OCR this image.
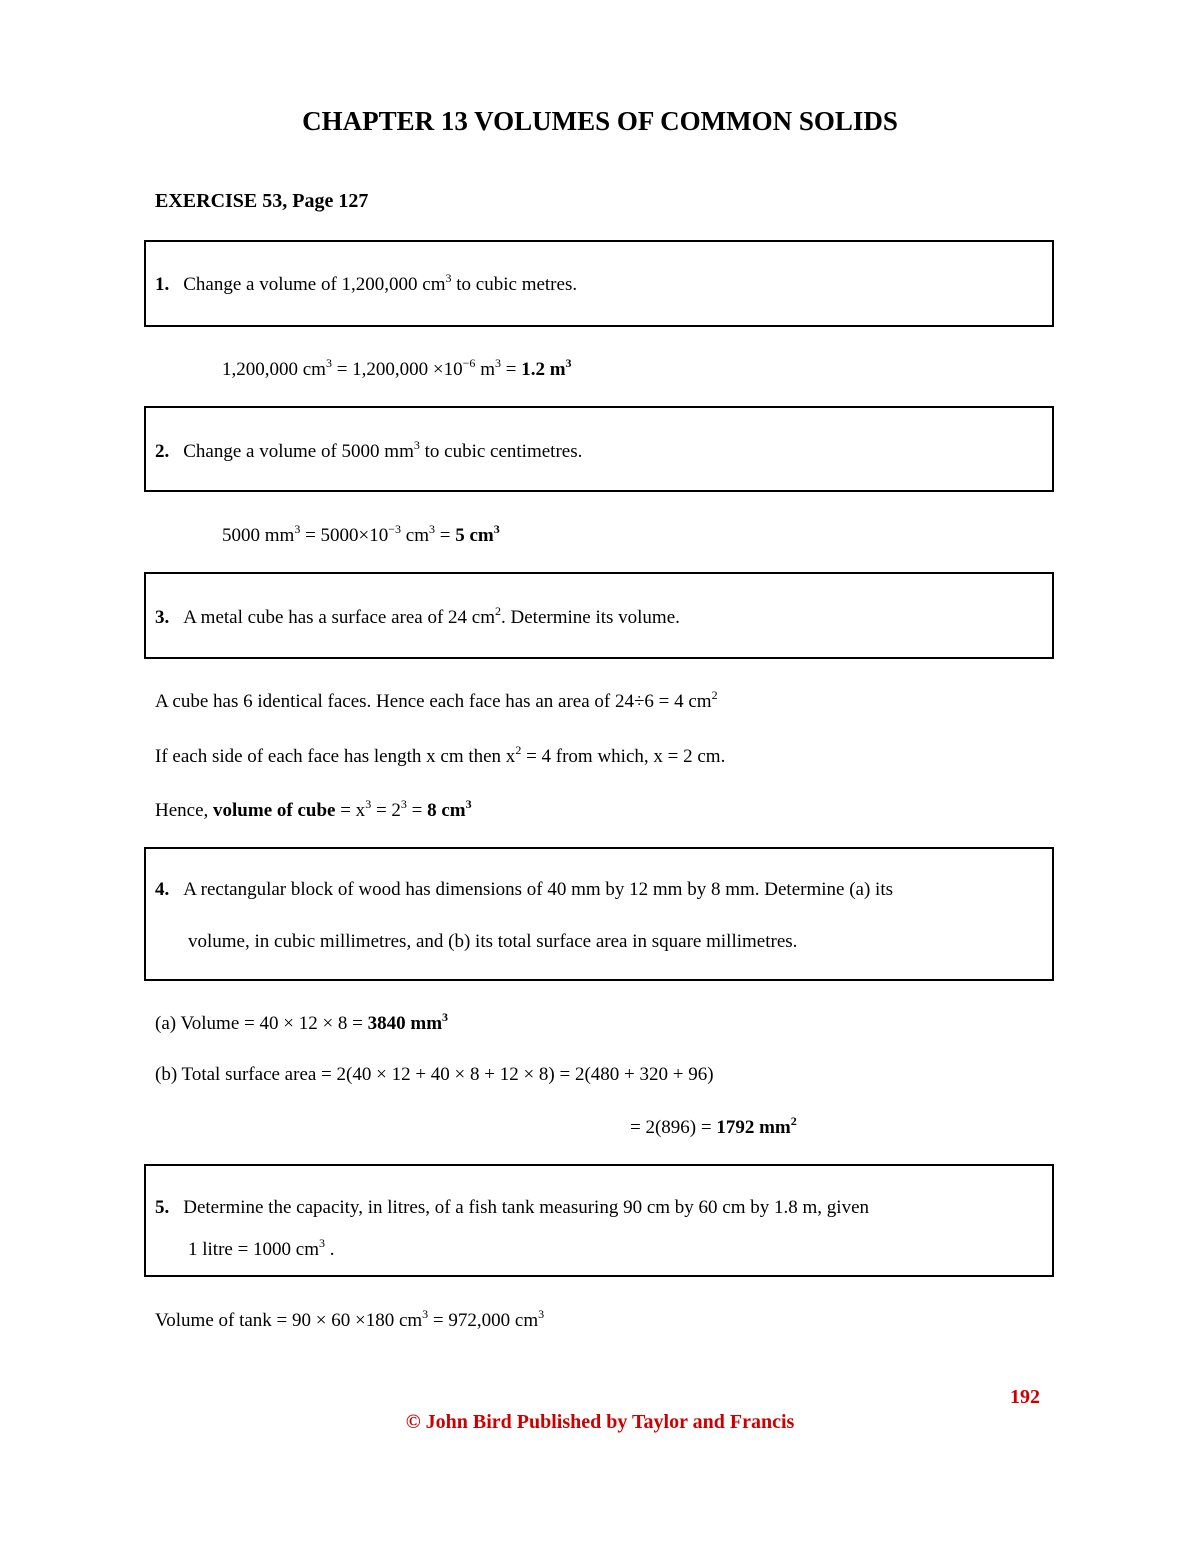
CHAPTER 13 VOLUMES OF COMMON SOLIDS
EXERCISE 53, Page 127
1. Change a volume of 1,200,000 $cm^3$ to cubic metres.
1,200,000 $cm^3 = 1,200,000 \times 10^{-6}$ $m^3 = 1.2$ $m^3$
2. Change a volume of 5000 $mm^3$ to cubic centimetres.
5000 $mm^3 = 5000\times 10^{-3}$ $cm^3 = 5$ $cm^3$
3. A metal cube has a surface area of 24 $cm^2$. Determine its volume.
A cube has 6 identical faces. Hence each face has an area of 24÷6 = 4 $cm^2$
If each side of each face has length x cm then $x^2 = 4$ from which, x = 2 cm.
Hence, volume of cube = $x^3 = 2^3 = 8$ $cm^3$
4. A rectangular block of wood has dimensions of 40 mm by 12 mm by 8 mm. Determine (a) its
volume, in cubic millimetres, and (b) its total surface area in square millimetres.
(a) Volume = 40 × 12 × 8 = 3840 $mm^3$
(b) Total surface area = 2(40 × 12 + 40 × 8 + 12 × 8) = 2(480 + 320 + 96)
= 2(896) = 1792 $mm^2$
5. Determine the capacity, in litres, of a fish tank measuring 90 cm by 60 cm by 1.8 m, given
1 litre = 1000 $cm^3$ .
Volume of tank = 90 × 60 ×180 $cm^3 = 972,000$ $cm^3$
192
© John Bird Published by Taylor and Francis
